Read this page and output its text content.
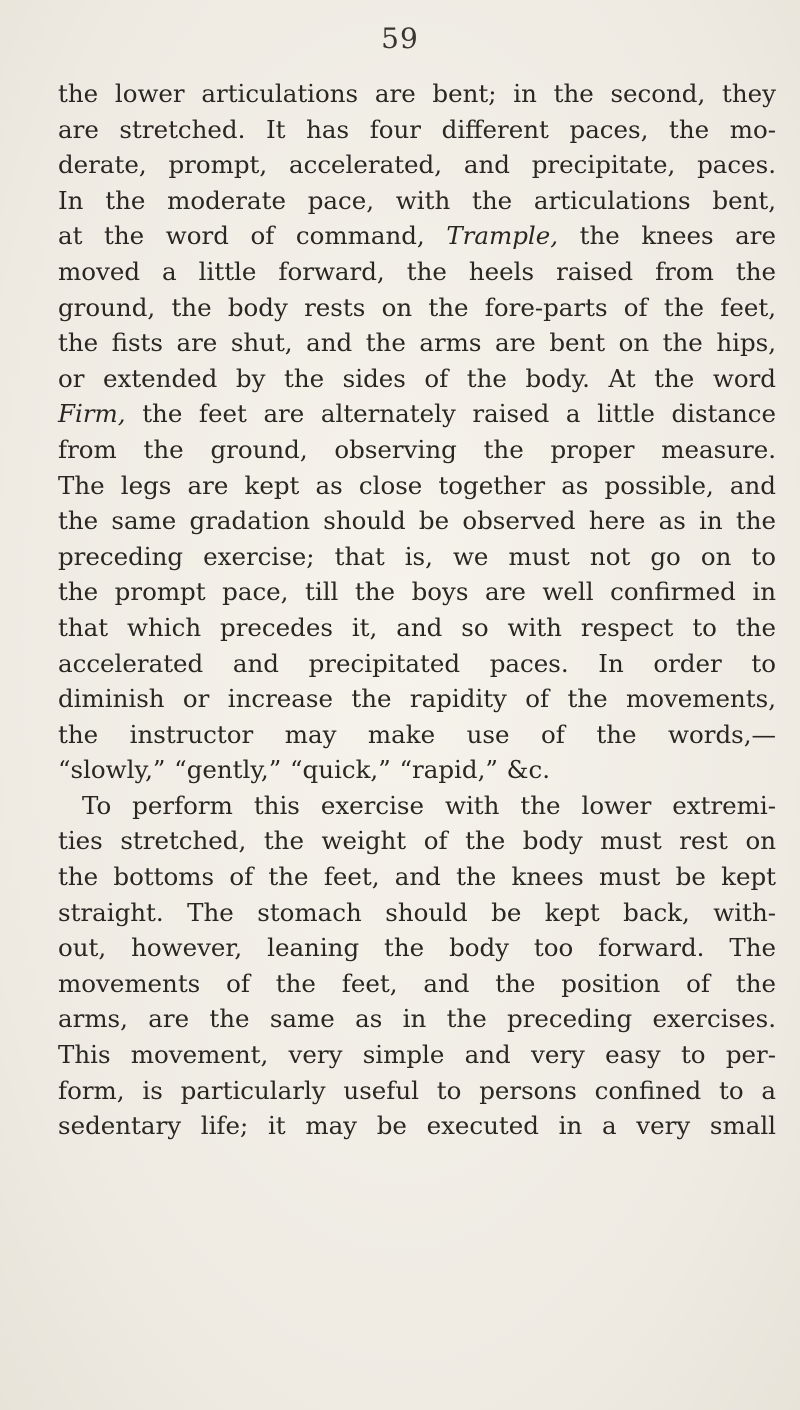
59
the lower articulations are bent; in the second, they
are stretched. It has four different paces, the mo-
derate, prompt, accelerated, and precipitate, paces.
In the moderate pace, with the articulations bent,
at the word of command, Trample, the knees are
moved a little forward, the heels raised from the
ground, the body rests on the fore-parts of the feet,
the fists are shut, and the arms are bent on the hips,
or extended by the sides of the body. At the word
Firm, the feet are alternately raised a little distance
from the ground, observing the proper measure.
The legs are kept as close together as possible, and
the same gradation should be observed here as in the
preceding exercise; that is, we must not go on to
the prompt pace, till the boys are well confirmed in
that which precedes it, and so with respect to the
accelerated and precipitated paces. In order to
diminish or increase the rapidity of the movements,
the instructor may make use of the words,—
“slowly,” “gently,” “quick,” “rapid,” &c.
To perform this exercise with the lower extremi-
ties stretched, the weight of the body must rest on
the bottoms of the feet, and the knees must be kept
straight. The stomach should be kept back, with-
out, however, leaning the body too forward. The
movements of the feet, and the position of the
arms, are the same as in the preceding exercises.
This movement, very simple and very easy to per-
form, is particularly useful to persons confined to a
sedentary life; it may be executed in a very small
